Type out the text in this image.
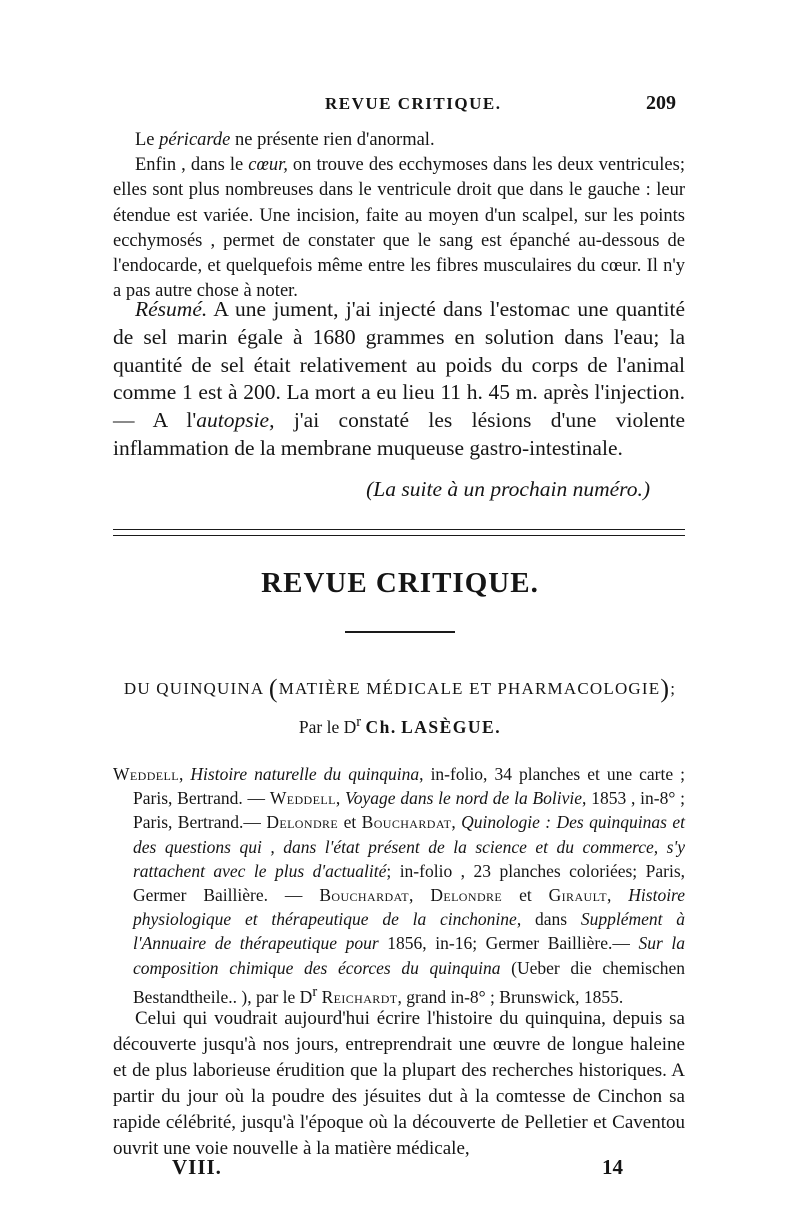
REVUE CRITIQUE.	209

Le péricarde ne présente rien d'anormal.

Enfin , dans le cœur, on trouve des ecchymoses dans les deux ventricules; elles sont plus nombreuses dans le ventricule droit que dans le gauche : leur étendue est variée. Une incision, faite au moyen d'un scalpel, sur les points ecchymosés , permet de constater que le sang est épanché au-dessous de l'endocarde, et quelquefois même entre les fibres musculaires du cœur. Il n'y a pas autre chose à noter.

Résumé. A une jument, j'ai injecté dans l'estomac une quantité de sel marin égale à 1680 grammes en solution dans l'eau; la quantité de sel était relativement au poids du corps de l'animal comme 1 est à 200. La mort a eu lieu 11 h. 45 m. après l'injection. — A l'autopsie, j'ai constaté les lésions d'une violente inflammation de la membrane muqueuse gastro-intestinale.

(La suite à un prochain numéro.)

REVUE CRITIQUE.

DU QUINQUINA (MATIÈRE MÉDICALE ET PHARMACOLOGIE);

Par le $D^r$ Ch. LASÈGUE.

Weddell, Histoire naturelle du quinquina, in-folio, 34 planches et une carte ; Paris, Bertrand. — Weddell, Voyage dans le nord de la Bolivie, 1853 , in-8° ; Paris, Bertrand.— Delondre et Bouchardat, Quinologie : Des quinquinas et des questions qui , dans l'état présent de la science et du commerce, s'y rattachent avec le plus d'actualité; in-folio , 23 planches coloriées; Paris, Germer Baillière. — Bouchardat, Delondre et Girault, Histoire physiologique et thérapeutique de la cinchonine, dans Supplément à l'Annuaire de thérapeutique pour 1856, in-16; Germer Baillière.— Sur la composition chimique des écorces du quinquina (Ueber die chemischen Bestandtheile.. ), par le $D^r$ Reichardt, grand in-8° ; Brunswick, 1855.

Celui qui voudrait aujourd'hui écrire l'histoire du quinquina, depuis sa découverte jusqu'à nos jours, entreprendrait une œuvre de longue haleine et de plus laborieuse érudition que la plupart des recherches historiques. A partir du jour où la poudre des jésuites dut à la comtesse de Cinchon sa rapide célébrité, jusqu'à l'époque où la découverte de Pelletier et Caventou ouvrit une voie nouvelle à la matière médicale,

VIII.	14
